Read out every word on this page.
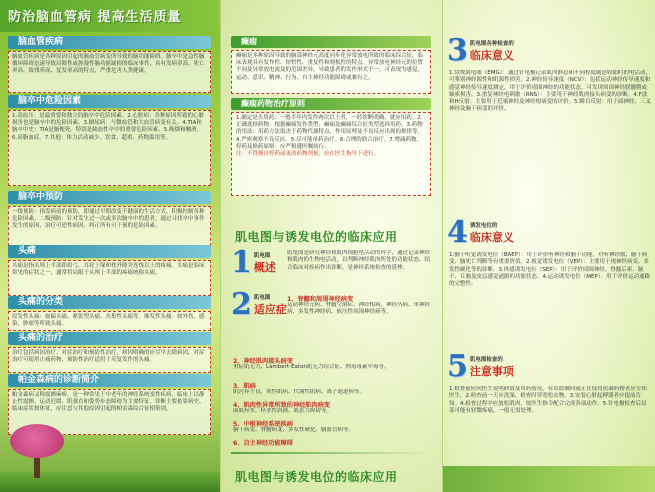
防治脑血管病 提高生活质量
脑血管疾病
脑血管疾病是各种原因引起的脑血管病变所导致的脑功能障碍。脑卒中是急性脑循环障碍迅速导致局限性或弥漫性脑功能缺损的临床事件，具有发病率高、死亡率高、致残率高、复发率高的特点，严重危害人类健康。
脑卒中危险因素
1.高血压：是最重要和独立的脑卒中危险因素。2.心脏病：各种原因所致的心脏损害也是脑卒中的危险因素。3.糖尿病：与微血管和大血管病变有关。4.TIA和脑卒中史：TIA是脑梗死，特别是缺血性卒中的重要危险因素。5.吸烟和酗酒。6.高脂血症。7.其他：体力活动减少、饮食、超重、药物滥用等。
脑卒中预防
一级预防：指发病前的预防，即通过早期改变不健康的生活方式，积极控制各种危险因素。二级预防：针对发生过一次或多次脑卒中的患者，通过寻找卒中事件发生的原因，治疗可逆性病因，纠正所有可干预的危险因素。
头痛
头痛是指头颅上半部即眉弓、耳轮上缘和枕外隆突连线以上的疼痛。头痛是临床常见的症状之一，通常将局限于头颅上半部的疼痛统称头痛。
头痛的分类
原发性头痛：如偏头痛、紧张型头痛、丛集性头痛等。继发性头痛：如外伤、感染、肿瘤等所致头痛。
头痛的治疗
治疗包括病因治疗、对症治疗和预防性治疗。病因明确的应尽早去除病因，对症治疗可使用止痛药物，预防性治疗适用于反复发作的头痛。
帕金森病的诊断简介
帕金森病又称震颤麻痹，是一种常见于中老年的神经系统变性疾病，临床上以静止性震颤、运动迟缓、肌强直和姿势步态障碍为主要特征。诊断主要依靠病史、临床症状和体征，应注意与其他原因引起的帕金森综合征相鉴别。
癫痫
癫痫是多种原因导致的脑部神经元高度同步化异常放电所致的临床综合征，临床表现具有发作性、短暂性、重复性和刻板性的特点。异常放电神经元的位置不同及异常放电波及的范围差异，导致患者的发作形式不一，可表现为感觉、运动、意识、精神、行为、自主神经功能障碍或兼有之。
癫痫药物治疗原则
1.确定是否用药：一般半年内发作两次以上者，一经诊断明确，就应用药。2.正确选择药物：根据癫痫发作类型、癫痫及癫痫综合征类型选择用药。3.药物的用法：用药方法取决于药物代谢特点、作用原理及不良反应出现的规律等。4.严密观察不良反应。5.尽可能单药治疗。6.合理的联合治疗。7.增减药物、停药及换药原则：应严格遵医嘱执行。
注：不得擅自停药或更改药物剂量，应在医生指导下进行。
肌电图与诱发电位的临床应用
1 肌电图
概述
肌电图是研究神经和肌肉细胞电活动的科学，通过记录神经和肌肉的生物电活动，以判断神经肌肉所处的功能状态，结合临床对疾病作出诊断，是神经系统检查的延伸。
2 肌电图
适应症
1、脊髓和周围神经病变
运动神经元病、脊髓空洞症、神经根病、神经丛病、单神经病、多发性神经病、嵌压性周围神经病等。
2、神经肌肉接头病变
重症肌无力、Lambert-Eaton肌无力综合征、肉毒毒素中毒等。
3、肌病
肌营养不良、炎性肌病、代谢性肌病、离子通道病等。
4、肌肉性异常所致的神经肌肉病变
面肌痉挛、痉挛性斜颈、肌张力障碍等。
5、中枢神经系统疾病
脑干病变、脊髓病变、多发性硬化、脑血管病等。
6、自主神经功能障碍
肌电图与诱发电位的临床应用
3 肌电图各种检查的
临床意义
1.常规肌电图（EMG）：通过针电极记录肌肉静息和不同程度随意收缩时的电活动，可鉴别神经源性和肌源性损害。2.神经传导速度（NCV）：包括运动神经传导速度和感觉神经传导速度测定，用于评价周围神经的功能状态，可发现周围神经脱髓鞘或轴索损害。3.重复神经电刺激（RNS）：主要用于神经肌肉接头病变的诊断。4.F波和H反射：主要用于近端神经及神经根病变的评价。5.瞬目反射：用于面神经、三叉神经及脑干病变的评价。
4 诱发电位的
临床意义
1.脑干听觉诱发电位（BAEP）：用于评价听神经和脑干功能，对听神经瘤、脑干病变、脑死亡判断等有重要价值。2.视觉诱发电位（VEP）：主要用于视神经病变、多发性硬化等的诊断。3.体感诱发电位（SEP）：用于评价周围神经、脊髓后索、脑干、丘脑及皮层感觉通路的功能状态。4.运动诱发电位（MEP）：用于评价运动通路的完整性。
5 肌电图检查的
注意事项
1.检查前应向医生说明病情及用药情况，有出血倾向或正在使用抗凝药物者应告知医生。2.检查前一天应洗澡，检查时穿宽松衣物。3.安装心脏起搏器者应提前告知。4.检查过程中应放松肌肉，按医生指令配合完成各项动作。5.针电极检查后局部可能有轻微疼痛，一般无需处理。
